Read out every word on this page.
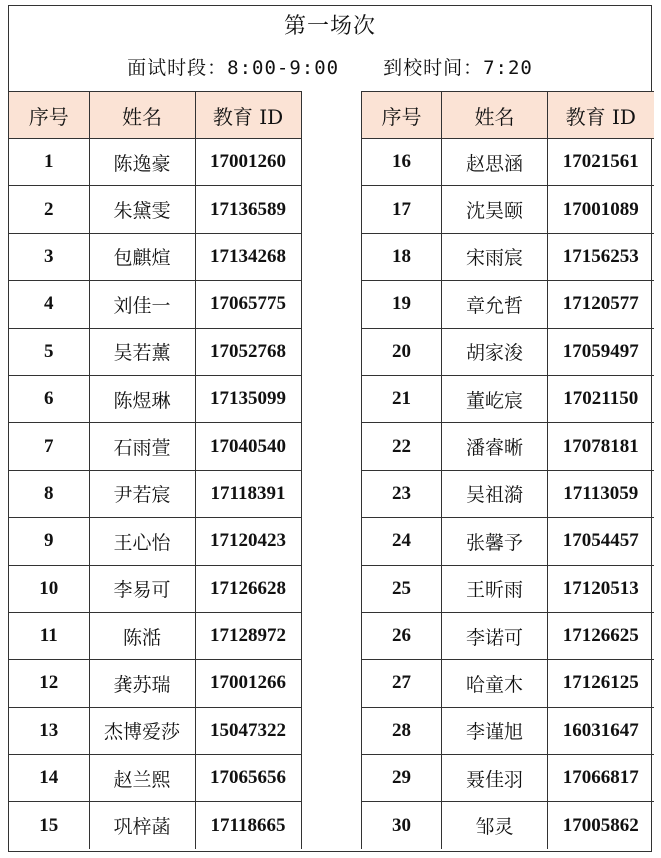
第一场次
面试时段：8:00-9:00 到校时间：7:20
序号	姓名	教育 ID
1	陈逸豪	17001260
2	朱黛雯	17136589
3	包麒煊	17134268
4	刘佳一	17065775
5	吴若薰	17052768
6	陈煜琳	17135099
7	石雨萱	17040540
8	尹若宸	17118391
9	王心怡	17120423
10	李易可	17126628
11	陈湉	17128972
12	龚苏瑞	17001266
13	杰博爱莎	15047322
14	赵兰熙	17065656
15	巩梓菡	17118665
序号	姓名	教育 ID
16	赵思涵	17021561
17	沈昊颐	17001089
18	宋雨宸	17156253
19	章允哲	17120577
20	胡家浚	17059497
21	董屹宸	17021150
22	潘睿晰	17078181
23	吴祖漪	17113059
24	张馨予	17054457
25	王昕雨	17120513
26	李诺可	17126625
27	哈童木	17126125
28	李谨旭	16031647
29	聂佳羽	17066817
30	邹灵	17005862
